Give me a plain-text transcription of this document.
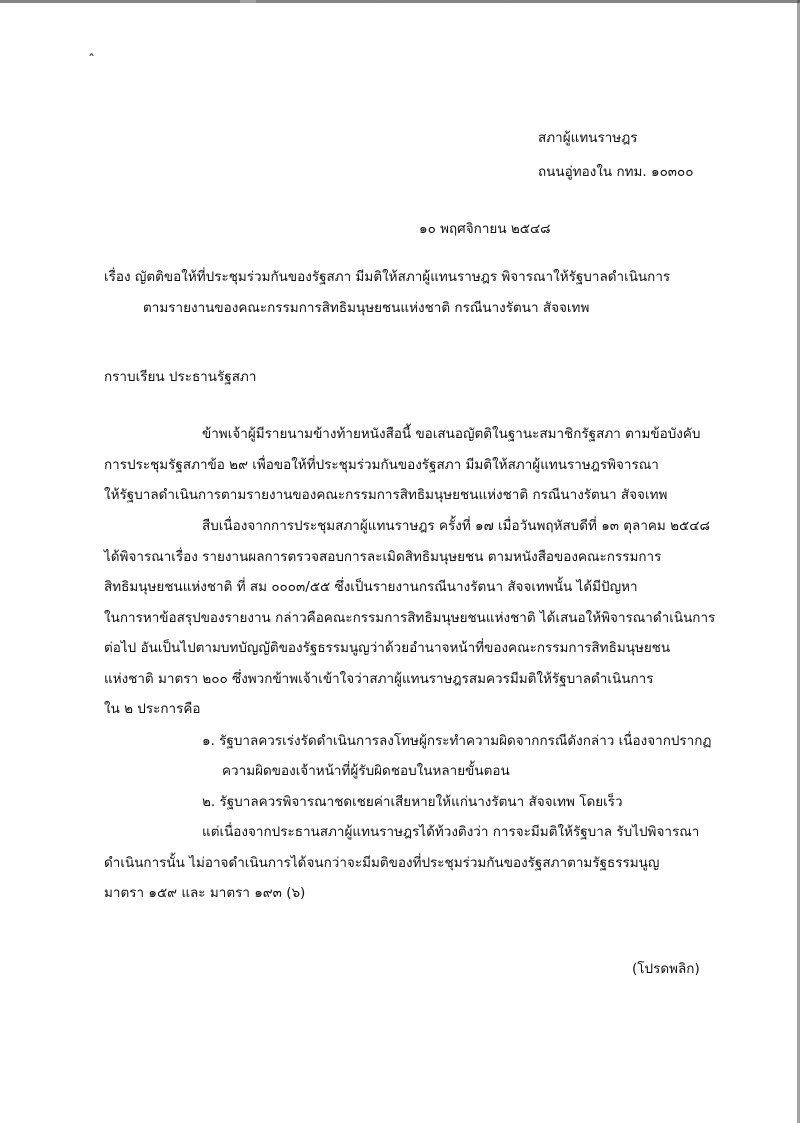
ˆ
สภาผู้แทนราษฎร
ถนนอู่ทองใน กทม. ๑๐๓๐๐
๑๐ พฤศจิกายน ๒๕๔๘
เรื่อง ญัตติขอให้ที่ประชุมร่วมกันของรัฐสภา มีมติให้สภาผู้แทนราษฎร พิจารณาให้รัฐบาลดำเนินการ
ตามรายงานของคณะกรรมการสิทธิมนุษยชนแห่งชาติ กรณีนางรัตนา สัจจเทพ
กราบเรียน ประธานรัฐสภา
ข้าพเจ้าผู้มีรายนามข้างท้ายหนังสือนี้ ขอเสนอญัตติในฐานะสมาชิกรัฐสภา ตามข้อบังคับ
การประชุมรัฐสภาข้อ ๒๙ เพื่อขอให้ที่ประชุมร่วมกันของรัฐสภา มีมติให้สภาผู้แทนราษฎรพิจารณา
ให้รัฐบาลดำเนินการตามรายงานของคณะกรรมการสิทธิมนุษยชนแห่งชาติ กรณีนางรัตนา สัจจเทพ
สืบเนื่องจากการประชุมสภาผู้แทนราษฎร ครั้งที่ ๑๗ เมื่อวันพฤหัสบดีที่ ๑๓ ตุลาคม ๒๕๔๘
ได้พิจารณาเรื่อง รายงานผลการตรวจสอบการละเมิดสิทธิมนุษยชน ตามหนังสือของคณะกรรมการ
สิทธิมนุษยชนแห่งชาติ ที่ สม ๐๐๐๓/๕๕ ซึ่งเป็นรายงานกรณีนางรัตนา สัจจเทพนั้น ได้มีปัญหา
ในการหาข้อสรุปของรายงาน กล่าวคือคณะกรรมการสิทธิมนุษยชนแห่งชาติ ได้เสนอให้พิจารณาดำเนินการ
ต่อไป อันเป็นไปตามบทบัญญัติของรัฐธรรมนูญว่าด้วยอำนาจหน้าที่ของคณะกรรมการสิทธิมนุษยชน
แห่งชาติ มาตรา ๒๐๐ ซึ่งพวกข้าพเจ้าเข้าใจว่าสภาผู้แทนราษฎรสมควรมีมติให้รัฐบาลดำเนินการ
ใน ๒ ประการคือ
๑. รัฐบาลควรเร่งรัดดำเนินการลงโทษผู้กระทำความผิดจากกรณีดังกล่าว เนื่องจากปรากฏ
ความผิดของเจ้าหน้าที่ผู้รับผิดชอบในหลายขั้นตอน
๒. รัฐบาลควรพิจารณาชดเชยค่าเสียหายให้แก่นางรัตนา สัจจเทพ โดยเร็ว
แต่เนื่องจากประธานสภาผู้แทนราษฎรได้ท้วงติงว่า การจะมีมติให้รัฐบาล รับไปพิจารณา
ดำเนินการนั้น ไม่อาจดำเนินการได้จนกว่าจะมีมติของที่ประชุมร่วมกันของรัฐสภาตามรัฐธรรมนูญ
มาตรา ๑๕๙ และ มาตรา ๑๙๓ (๖)
(โปรดพลิก)
